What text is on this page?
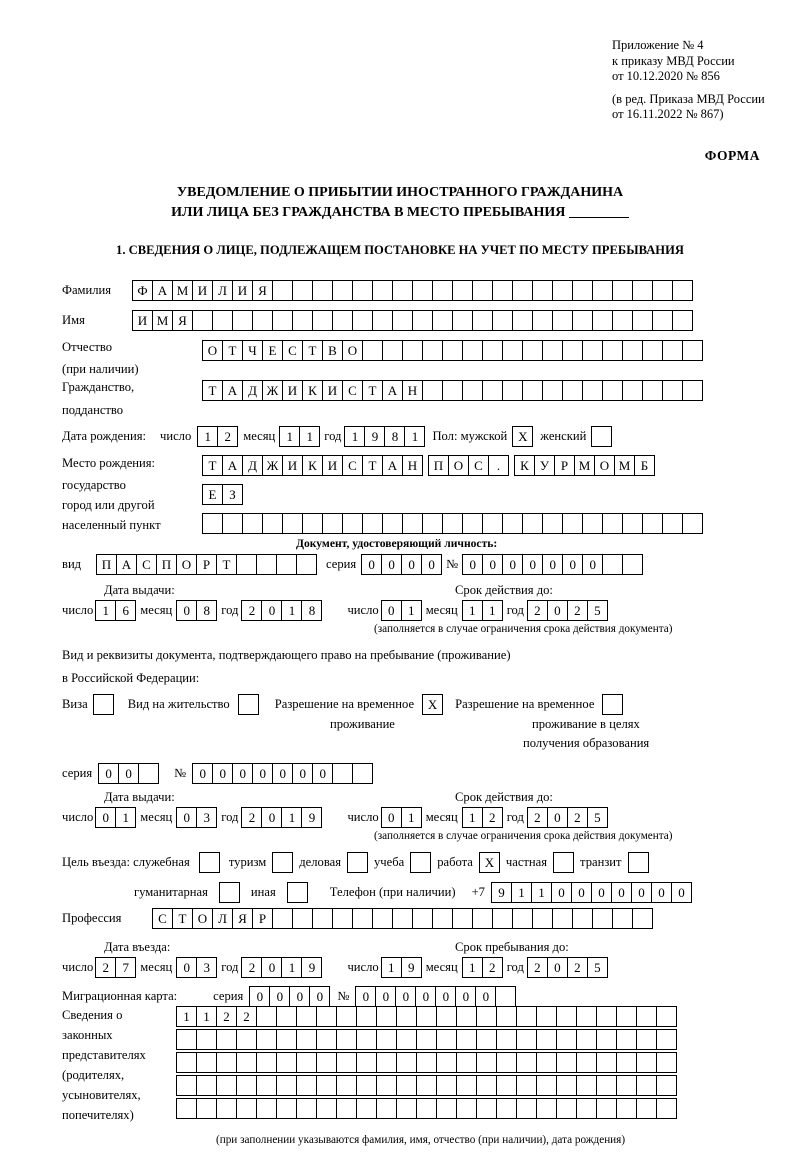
Приложение № 4
к приказу МВД России
от 10.12.2020 № 856
(в ред. Приказа МВД России
от 16.11.2022 № 867)
ФОРМА
УВЕДОМЛЕНИЕ О ПРИБЫТИИ ИНОСТРАННОГО ГРАЖДАНИНА
ИЛИ ЛИЦА БЕЗ ГРАЖДАНСТВА В МЕСТО ПРЕБЫВАНИЯ
1. СВЕДЕНИЯ О ЛИЦЕ, ПОДЛЕЖАЩЕМ ПОСТАНОВКЕ НА УЧЕТ ПО МЕСТУ ПРЕБЫВАНИЯ
Фамилия	Ф А М И Л И Я
Имя	И М Я
Отчество	О Т Ч Е С Т В О
(при наличии)
Гражданство,	Т А Д Ж И К И С Т А Н
подданство
Дата рождения: число	1	2 месяц 1	1 год 1	9	8	1	Пол: мужской Х	женский
Место рождения:	Т А Д Ж И К И С Т А Н	П О С	.	К У Р М О М Б
государство
Е З
город или другой
населенный пункт
Документ, удостоверяющий личность:
вид	П А С П О Р Т	серия 0	0	0	0 № 0	0	0	0	0	0	0
Дата выдачи:	Срок действия до:
число 1	6 месяц 0	8 год 2	0	1	8	число 0	1 месяц 1	1 год 2	0	2	5
(заполняется в случае ограничения срока действия документа)
Вид и реквизиты документа, подтверждающего право на пребывание (проживание)
в Российской Федерации:
Виза	Вид на жительство	Разрешение на временное	Х	Разрешение на временное
проживание	проживание в целях
получения образования
серия	0	0	№	0	0	0	0	0	0	0
Дата выдачи:	Срок действия до:
число 0	1 месяц 0	3 год 2	0	1	9	число 0	1 месяц 1	2 год 2	0	2	5
(заполняется в случае ограничения срока действия документа)
Цель въезда: служебная	туризм	деловая	учеба	работа Х частная	транзит
гуманитарная	иная	Телефон (при наличии) +7	9	1	1	0	0	0	0	0	0	0
Профессия	С Т О Л Я Р
Дата въезда:	Срок пребывания до:
число 2	7 месяц 0	3 год 2	0	1	9	число 1	9 месяц 1	2 год 2	0	2	5
Миграционная карта:	серия	0	0	0	0	№	0	0	0	0	0	0	0
Сведения о
законных
представителях
(родителях,
усыновителях,
попечителях)
1	1	2	2
(при заполнении указываются фамилия, имя, отчество (при наличии), дата рождения)
